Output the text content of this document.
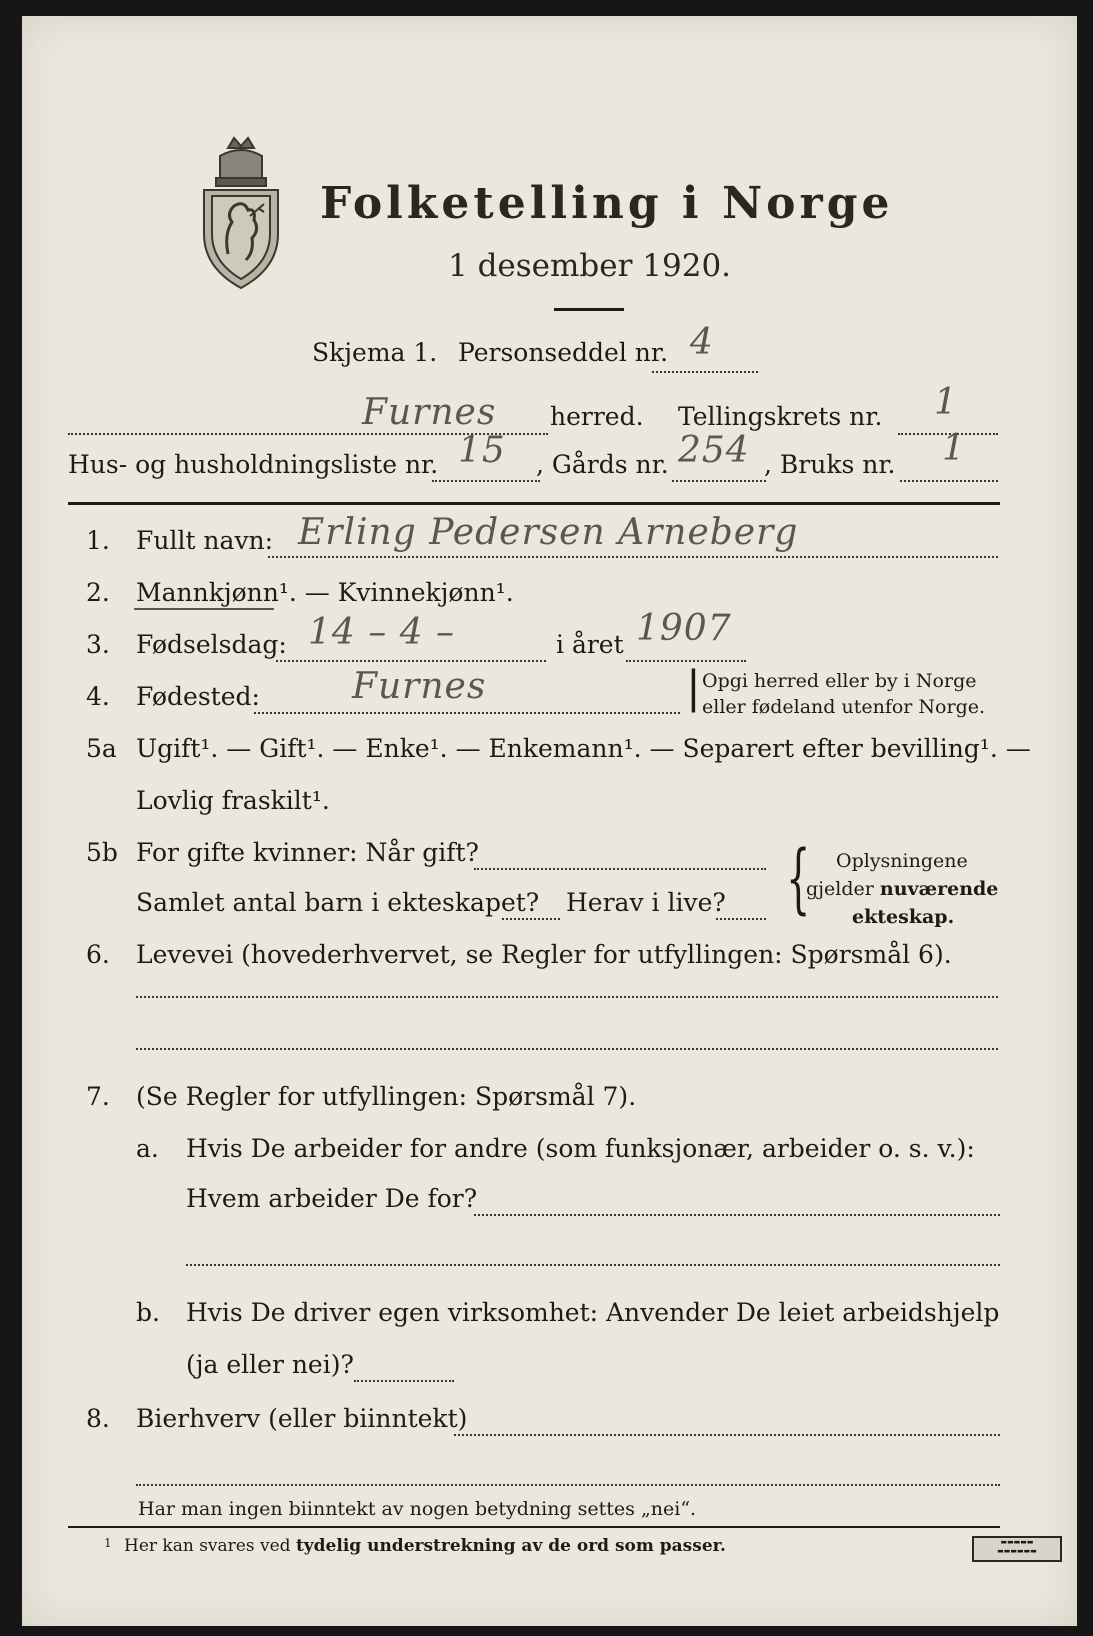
Folketelling i Norge
1 desember 1920.
Skjema 1. Personseddel nr. 4
Furnes herred. Tellingskrets nr. 1
Hus- og husholdningsliste nr. 15 , Gårds nr. 254 , Bruks nr. 1
1. Fullt navn: Erling Pedersen Arneberg
2. Mannkjønn¹. — Kvinnekjønn¹.
3. Fødselsdag: 14 – 4 –	i året 1907
4. Fødested:	Furnes	| Opgi herred eller by i Norge
eller fødeland utenfor Norge.
5a Ugift¹. — Gift¹. — Enke¹. — Enkemann¹. — Separert efter bevilling¹. —
Lovlig fraskilt¹.
5b For gifte kvinner: Når gift?
Samlet antal barn i ekteskapet? Herav i live? { Oplysningene
gjelder nuværende
ekteskap.
6. Levevei (hovederhvervet, se Regler for utfyllingen: Spørsmål 6).
7. (Se Regler for utfyllingen: Spørsmål 7).
a. Hvis De arbeider for andre (som funksjonær, arbeider o. s. v.):
Hvem arbeider De for?
b. Hvis De driver egen virksomhet: Anvender De leiet arbeidshjelp
(ja eller nei)?
8. Bierhverv (eller biinntekt)
Har man ingen biinntekt av nogen betydning settes „nei“.
1 Her kan svares ved tydelig understrekning av de ord som passer.	▬▬▬▬▬
▬▬▬▬▬▬
